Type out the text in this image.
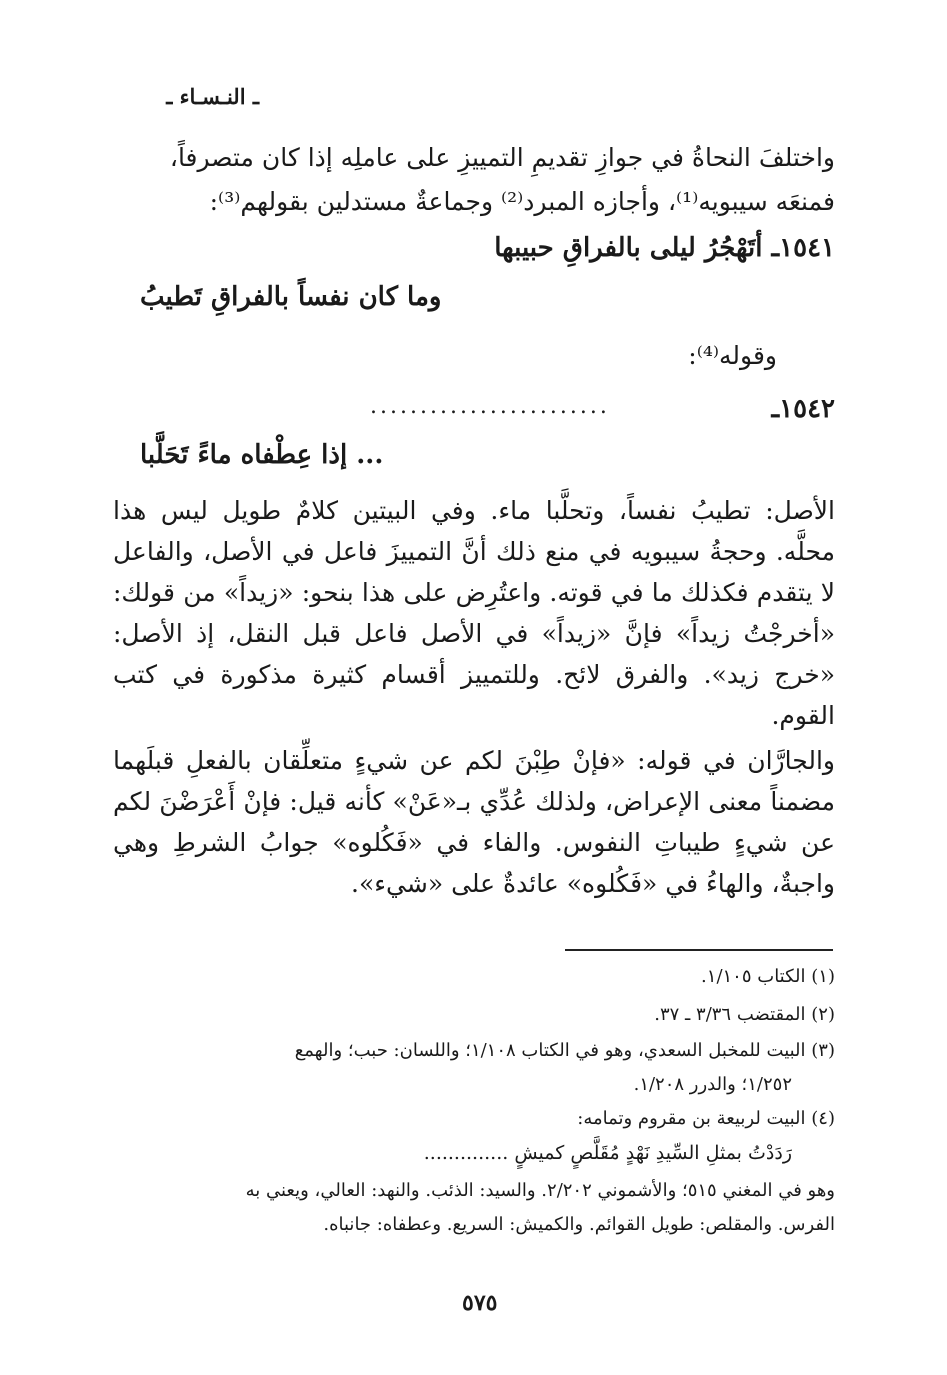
ـ النـسـاء ـ
واختلفَ النحاةُ في جوازِ تقديمِ التمييزِ على عاملِه إذا كان متصرفاً،
فمنعَه سيبويه⁽¹⁾، وأجازه المبرد⁽²⁾ وجماعةٌ مستدلين بقولهم⁽³⁾:
١٥٤١ـ أتَهْجُرُ ليلى بالفراقِ حبيبها
وما كان نفساً بالفراقِ تَطيبُ
وقوله⁽⁴⁾:
١٥٤٢ـ
........................
... إذا عِطْفاه ماءً تَحَلَّبا
الأصل: تطيبُ نفساً، وتحلَّبا ماء. وفي البيتين كلامٌ طويل ليس هذا محلَّه. وحجةُ سيبويه في منع ذلك أنَّ التمييزَ فاعل في الأصل، والفاعل لا يتقدم فكذلك ما في قوته. واعتُرِض على هذا بنحو: «زيداً» من قولك: «أخرجْتُ زيداً» فإنَّ «زيداً» في الأصل فاعل قبل النقل، إذ الأصل: «خرج زيد». والفرق لائح. وللتمييز أقسام كثيرة مذكورة في كتب القوم.
والجارَّان في قوله: «فإنْ طِبْنَ لكم عن شيءٍ متعلِّقان بالفعلِ قبلَهما مضمناً معنى الإعراض، ولذلك عُدِّي بـ«عَنْ» كأنه قيل: فإنْ أَعْرَضْنَ لكم عن شيءٍ طيباتِ النفوس. والفاء في «فَكُلوه» جوابُ الشرطِ وهي واجبةٌ، والهاءُ في «فَكُلوه» عائدةٌ على «شيء».
(١) الكتاب ١/١٠٥.
(٢) المقتضب ٣/٣٦ ـ ٣٧.
(٣) البيت للمخبل السعدي، وهو في الكتاب ١/١٠٨؛ واللسان: حبب؛ والهمع
١/٢٥٢؛ والدرر ١/٢٠٨.
(٤) البيت لربيعة بن مقروم وتمامه:
رَدَدْتُ بمثلِ السِّيدِ نَهْدٍ مُقَلَّصٍ كميشٍ ..............
وهو في المغني ٥١٥؛ والأشموني ٢/٢٠٢. والسيد: الذئب. والنهد: العالي، ويعني به
الفرس. والمقلص: طويل القوائم. والكميش: السريع. وعطفاه: جانباه.
٥٧٥
